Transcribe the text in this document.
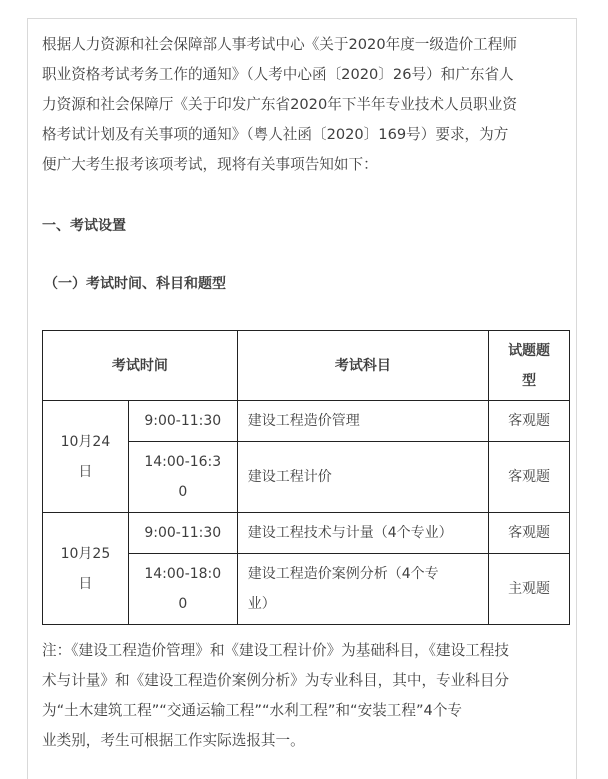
根据人力资源和社会保障部人事考试中心《关于2020年度一级造价工程师
职业资格考试考务工作的通知》（人考中心函〔2020〕26号）和广东省人
力资源和社会保障厅《关于印发广东省2020年下半年专业技术人员职业资
格考试计划及有关事项的通知》（粤人社函〔2020〕169号）要求，为方
便广大考生报考该项考试，现将有关事项告知如下：
一、考试设置
（一）考试时间、科目和题型
考试时间		考试科目	试题题
型
10月24
日	9:00-11:30	建设工程造价管理	客观题
	14:00-16:3
0	建设工程计价	客观题
10月25
日	9:00-11:30	建设工程技术与计量（4个专业）	客观题
	14:00-18:0
0	建设工程造价案例分析（4个专
业）	主观题
注：《建设工程造价管理》和《建设工程计价》为基础科目，《建设工程技
术与计量》和《建设工程造价案例分析》为专业科目，其中，专业科目分
为“土木建筑工程”“交通运输工程”“水利工程”和“安装工程”4个专
业类别，考生可根据工作实际选报其一。
